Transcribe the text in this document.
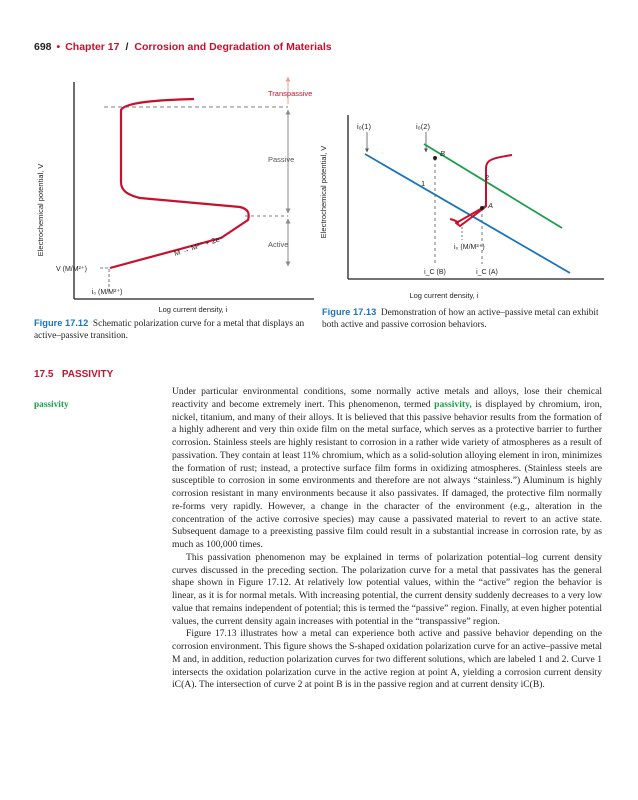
698 • Chapter 17 / Corrosion and Degradation of Materials
Transpassive
Passive
Active
M → M²⁺ + 2e⁻
V (M/M²⁺)
i₀ (M/M²⁺)
Electrochemical potential, V
Log current density, i
i₀(1)	i₀(2)
B
A
2
1
i₀ (M/M²⁺)
i_C (B)	i_C (A)
Electrochemical potential, V
Log current density, i
Figure 17.12 Schematic polarization curve for a metal that displays an active–passive transition.
Figure 17.13 Demonstration of how an active–passive metal can exhibit both active and passive corrosion behaviors.
17.5 PASSIVITY
passivity

Under particular environmental conditions, some normally active metals and alloys, lose their chemical reactivity and become extremely inert. This phenomenon, termed passivity, is displayed by chromium, iron, nickel, titanium, and many of their alloys. It is believed that this passive behavior results from the formation of a highly adherent and very thin oxide film on the metal surface, which serves as a protective barrier to further corrosion. Stainless steels are highly resistant to corrosion in a rather wide variety of atmospheres as a result of passivation. They contain at least 11% chromium, which as a solid-solution alloying element in iron, minimizes the formation of rust; instead, a protective surface film forms in oxidizing atmospheres. (Stainless steels are susceptible to corrosion in some environments and therefore are not always “stainless.”) Aluminum is highly corrosion resistant in many environments because it also passivates. If damaged, the protective film normally re-forms very rapidly. However, a change in the character of the environment (e.g., alteration in the concentration of the active corrosive species) may cause a passivated material to revert to an active state. Subsequent damage to a preexisting passive film could result in a substantial increase in corrosion rate, by as much as 100,000 times.

This passivation phenomenon may be explained in terms of polarization potential–log current density curves discussed in the preceding section. The polarization curve for a metal that passivates has the general shape shown in Figure 17.12. At relatively low potential values, within the “active” region the behavior is linear, as it is for normal metals. With increasing potential, the current density suddenly decreases to a very low value that remains independent of potential; this is termed the “passive” region. Finally, at even higher potential values, the current density again increases with potential in the “transpassive” region.

Figure 17.13 illustrates how a metal can experience both active and passive behavior depending on the corrosion environment. This figure shows the S-shaped oxidation polarization curve for an active–passive metal M and, in addition, reduction polarization curves for two different solutions, which are labeled 1 and 2. Curve 1 intersects the oxidation polarization curve in the active region at point A, yielding a corrosion current density iC(A). The intersection of curve 2 at point B is in the passive region and at current density iC(B).
